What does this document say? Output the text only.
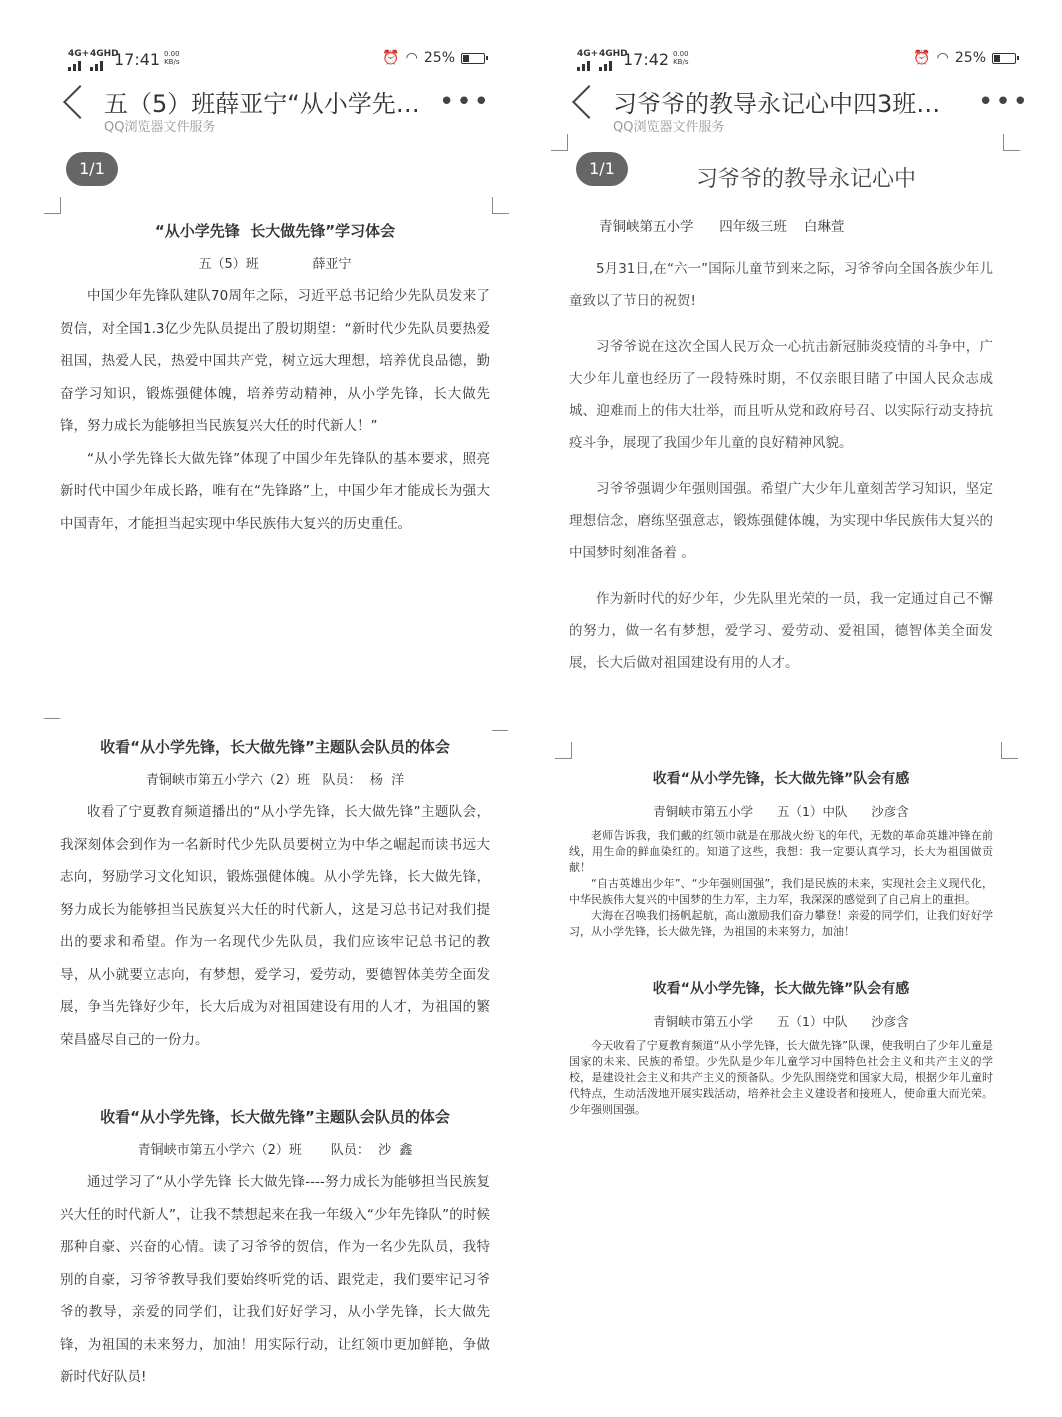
4G+4GHD
17:41 0.00
KB/s	⏰ ◠ 25%
五（5）班薛亚宁“从小学先…
QQ浏览器文件服务
•••
1/1
“从小学先锋  长大做先锋”学习体会
五（5）班             薛亚宁

中国少年先锋队建队70周年之际，习近平总书记给少先队员发来了贺信，对全国1.3亿少先队员提出了殷切期望：“新时代少先队员要热爱祖国，热爱人民，热爱中国共产党，树立远大理想，培养优良品德，勤奋学习知识，锻炼强健体魄，培养劳动精神，从小学先锋，长大做先锋，努力成长为能够担当民族复兴大任的时代新人！”

“从小学先锋长大做先锋”体现了中国少年先锋队的基本要求，照亮新时代中国少年成长路，唯有在“先锋路”上，中国少年才能成长为强大中国青年，才能担当起实现中华民族伟大复兴的历史重任。

4G+4GHD
17:42 0.00
KB/s	⏰ ◠ 25%
习爷爷的教导永记心中四3班…
QQ浏览器文件服务
•••
1/1	习爷爷的教导永记心中
青铜峡第五小学      四年级三班    白琳萱

5月31日,在“六一”国际儿童节到来之际，习爷爷向全国各族少年儿童致以了节日的祝贺!

习爷爷说在这次全国人民万众一心抗击新冠肺炎疫情的斗争中，广大少年儿童也经历了一段特殊时期，不仅亲眼目睹了中国人民众志成城、迎难而上的伟大壮举，而且听从党和政府号召、以实际行动支持抗疫斗争，展现了我国少年儿童的良好精神风貌。

习爷爷强调少年强则国强。希望广大少年儿童刻苦学习知识，坚定理想信念，磨练坚强意志，锻炼强健体魄，为实现中华民族伟大复兴的中国梦时刻准备着 。

作为新时代的好少年，少先队里光荣的一员，我一定通过自己不懈的努力，做一名有梦想，爱学习、爱劳动、爱祖国，德智体美全面发展，长大后做对祖国建设有用的人才。

收看“从小学先锋，长大做先锋”主题队会队员的体会
青铜峡市第五小学六（2）班   队员：  杨  洋

收看了宁夏教育频道播出的“从小学先锋，长大做先锋”主题队会，我深刻体会到作为一名新时代少先队员要树立为中华之崛起而读书远大志向，努励学习文化知识，锻炼强健体魄。从小学先锋，长大做先锋，努力成长为能够担当民族复兴大任的时代新人，这是习总书记对我们提出的要求和希望。作为一名现代少先队员，我们应该牢记总书记的教导，从小就要立志向，有梦想，爱学习，爱劳动，要德智体美劳全面发展，争当先锋好少年，长大后成为对祖国建设有用的人才，为祖国的繁荣昌盛尽自己的一份力。

收看“从小学先锋，长大做先锋”主题队会队员的体会
青铜峡市第五小学六（2）班       队员：  沙  鑫

通过学习了“从小学先锋 长大做先锋----努力成长为能够担当民族复兴大任的时代新人”，让我不禁想起来在我一年级入“少年先锋队”的时候那种自豪、兴奋的心情。读了习爷爷的贺信，作为一名少先队员，我特别的自豪，习爷爷教导我们要始终听党的话、跟党走，我们要牢记习爷爷的教导，亲爱的同学们，让我们好好学习，从小学先锋，长大做先锋，为祖国的未来努力，加油！用实际行动，让红领巾更加鲜艳，争做新时代好队员!

收看“从小学先锋，长大做先锋”队会有感
青铜峡市第五小学      五（1）中队      沙彦含

老师告诉我，我们戴的红领巾就是在那战火纷飞的年代，无数的革命英雄冲锋在前线，用生命的鲜血染红的。知道了这些，我想：我一定要认真学习，长大为祖国做贡献！

“自古英雄出少年”、“少年强则国强”，我们是民族的未来，实现社会主义现代化，中华民族伟大复兴的中国梦的生力军，主力军，我深深的感觉到了自己肩上的重担。

大海在召唤我们扬帆起航，高山激励我们奋力攀登！亲爱的同学们，让我们好好学习，从小学先锋，长大做先锋，为祖国的未来努力，加油！

收看“从小学先锋，长大做先锋”队会有感
青铜峡市第五小学      五（1）中队      沙彦含

今天收看了宁夏教育频道“从小学先锋，长大做先锋”队课，使我明白了少年儿童是国家的未来、民族的希望。少先队是少年儿童学习中国特色社会主义和共产主义的学校，是建设社会主义和共产主义的预备队。少先队围绕党和国家大局，根据少年儿童时代特点，生动活泼地开展实践活动，培养社会主义建设者和接班人，使命重大而光荣。少年强则国强。
